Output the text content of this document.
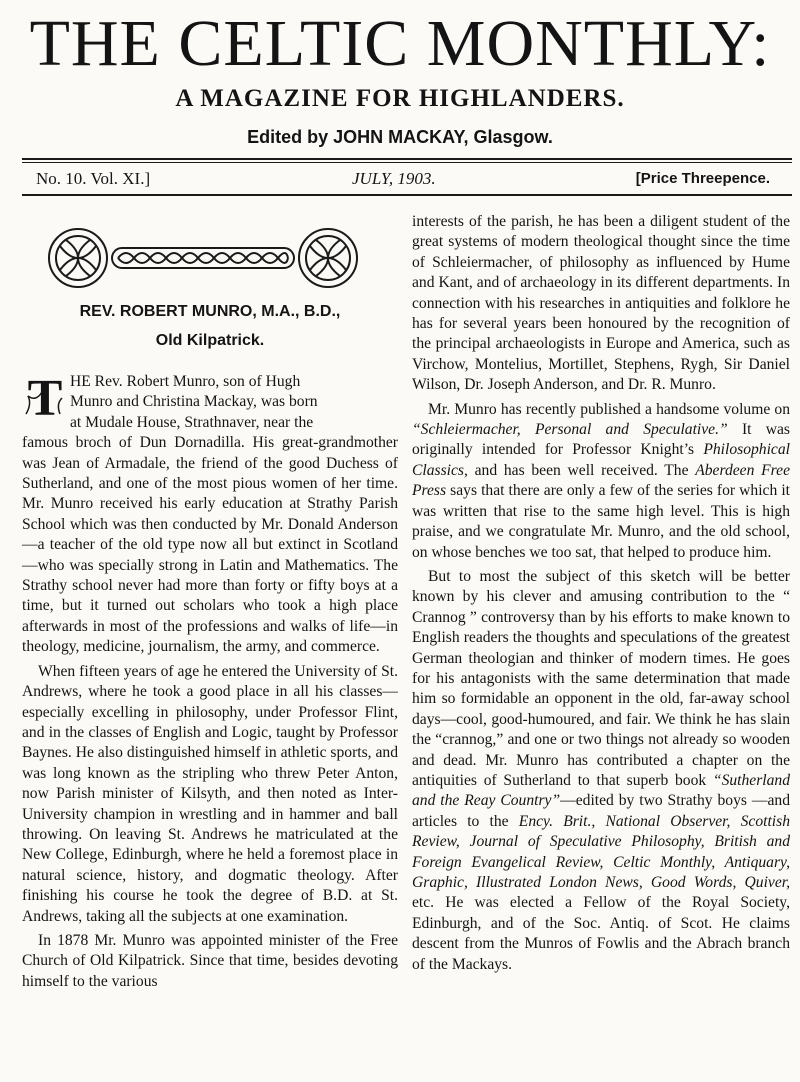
THE CELTIC MONTHLY:
A MAGAZINE FOR HIGHLANDERS.
Edited by JOHN MACKAY, Glasgow.
No. 10. Vol. XI.]	JULY, 1903.	[Price Threepence.
REV. ROBERT MUNRO, M.A., B.D.,
Old Kilpatrick.
T HE Rev. Robert Munro, son of Hugh

Munro and Christina Mackay, was born

at Mudale House, Strathnaver, near the

famous broch of Dun Dornadilla. His great-grandmother was Jean of Armadale, the friend of the good Duchess of Sutherland, and one of the most pious women of her time. Mr. Munro received his early education at Strathy Parish School which was then conducted by Mr. Donald Anderson—a teacher of the old type now all but extinct in Scotland—who was specially strong in Latin and Mathematics. The Strathy school never had more than forty or fifty boys at a time, but it turned out scholars who took a high place afterwards in most of the professions and walks of life—in theology, medicine, journalism, the army, and commerce.

When fifteen years of age he entered the University of St. Andrews, where he took a good place in all his classes—especially excelling in philosophy, under Professor Flint, and in the classes of English and Logic, taught by Professor Baynes. He also distinguished himself in athletic sports, and was long known as the stripling who threw Peter Anton, now Parish minister of Kilsyth, and then noted as Inter-University champion in wrestling and in hammer and ball throwing. On leaving St. Andrews he matriculated at the New College, Edinburgh, where he held a foremost place in natural science, history, and dogmatic theology. After finishing his course he took the degree of B.D. at St. Andrews, taking all the subjects at one examination.

In 1878 Mr. Munro was appointed minister of the Free Church of Old Kilpatrick. Since that time, besides devoting himself to the various

interests of the parish, he has been a diligent student of the great systems of modern theological thought since the time of Schleiermacher, of philosophy as influenced by Hume and Kant, and of archaeology in its different departments. In connection with his researches in antiquities and folklore he has for several years been honoured by the recognition of the principal archaeologists in Europe and America, such as Virchow, Montelius, Mortillet, Stephens, Rygh, Sir Daniel Wilson, Dr. Joseph Anderson, and Dr. R. Munro.

Mr. Munro has recently published a handsome volume on “Schleiermacher, Personal and Speculative.” It was originally intended for Professor Knight’s Philosophical Classics, and has been well received. The Aberdeen Free Press says that there are only a few of the series for which it was written that rise to the same high level. This is high praise, and we congratulate Mr. Munro, and the old school, on whose benches we too sat, that helped to produce him.

But to most the subject of this sketch will be better known by his clever and amusing contribution to the “ Crannog ” controversy than by his efforts to make known to English readers the thoughts and speculations of the greatest German theologian and thinker of modern times. He goes for his antagonists with the same determination that made him so formidable an opponent in the old, far-away school days—cool, good-humoured, and fair. We think he has slain the “crannog,” and one or two things not already so wooden and dead. Mr. Munro has contributed a chapter on the antiquities of Sutherland to that superb book “Sutherland and the Reay Country”—edited by two Strathy boys —and articles to the Ency. Brit., National Observer, Scottish Review, Journal of Speculative Philosophy, British and Foreign Evangelical Review, Celtic Monthly, Antiquary, Graphic, Illustrated London News, Good Words, Quiver, etc. He was elected a Fellow of the Royal Society, Edinburgh, and of the Soc. Antiq. of Scot. He claims descent from the Munros of Fowlis and the Abrach branch of the Mackays.
